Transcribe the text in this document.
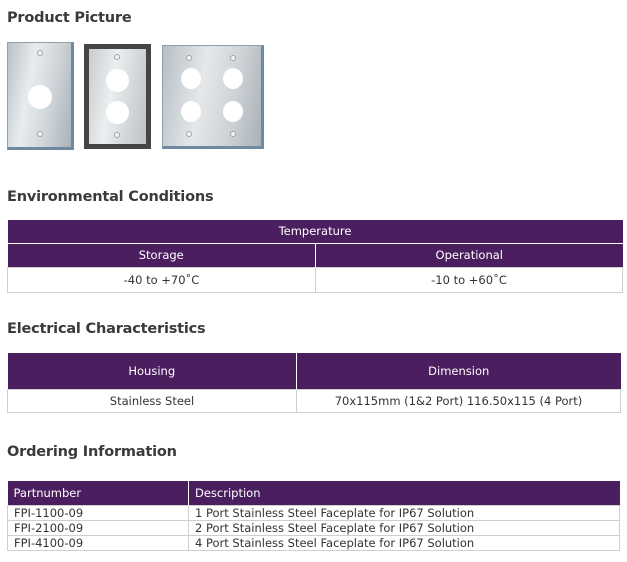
Product Picture
Environmental Conditions
Temperature	
Storage	Operational
-40 to +70˚C	-10 to +60˚C
Electrical Characteristics
Housing	Dimension
Stainless Steel	70x115mm (1&2 Port) 116.50x115 (4 Port)
Ordering Information
Partnumber	Description
FPI-1100-09	1 Port Stainless Steel Faceplate for IP67 Solution
FPI-2100-09	2 Port Stainless Steel Faceplate for IP67 Solution
FPI-4100-09	4 Port Stainless Steel Faceplate for IP67 Solution
